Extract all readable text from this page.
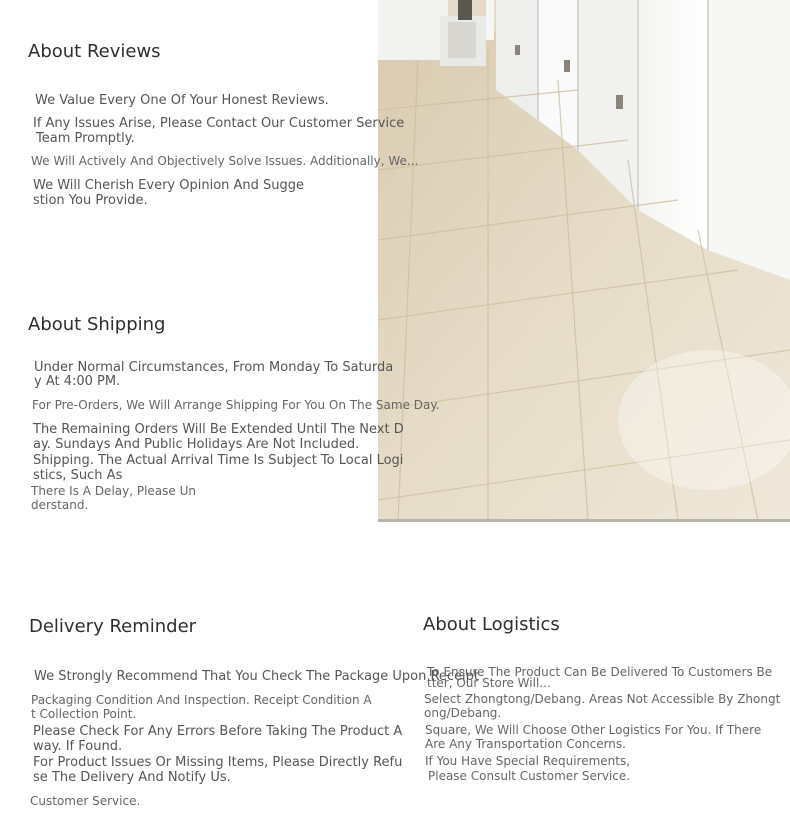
About Reviews
We Value Every One Of Your Honest Reviews.
If Any Issues Arise, Please Contact Our Customer Service
Team Promptly.
We Will Actively And Objectively Solve Issues. Additionally, We...
We Will Cherish Every Opinion And Sugge
stion You Provide.
About Shipping
Under Normal Circumstances, From Monday To Saturda
y At 4:00 PM.
For Pre-Orders, We Will Arrange Shipping For You On The Same Day.
The Remaining Orders Will Be Extended Until The Next D
ay. Sundays And Public Holidays Are Not Included.
Shipping. The Actual Arrival Time Is Subject To Local Logi
stics, Such As
There Is A Delay, Please Un
derstand.
Delivery Reminder
We Strongly Recommend That You Check The Package Upon Receipt
Packaging Condition And Inspection. Receipt Condition A
t Collection Point.
Please Check For Any Errors Before Taking The Product A
way. If Found.
For Product Issues Or Missing Items, Please Directly Refu
se The Delivery And Notify Us.
Customer Service.
About Logistics
To Ensure The Product Can Be Delivered To Customers Be
tter, Our Store Will...
Select Zhongtong/Debang. Areas Not Accessible By Zhongt
ong/Debang.
Square, We Will Choose Other Logistics For You. If There
Are Any Transportation Concerns.
If You Have Special Requirements,
Please Consult Customer Service.
